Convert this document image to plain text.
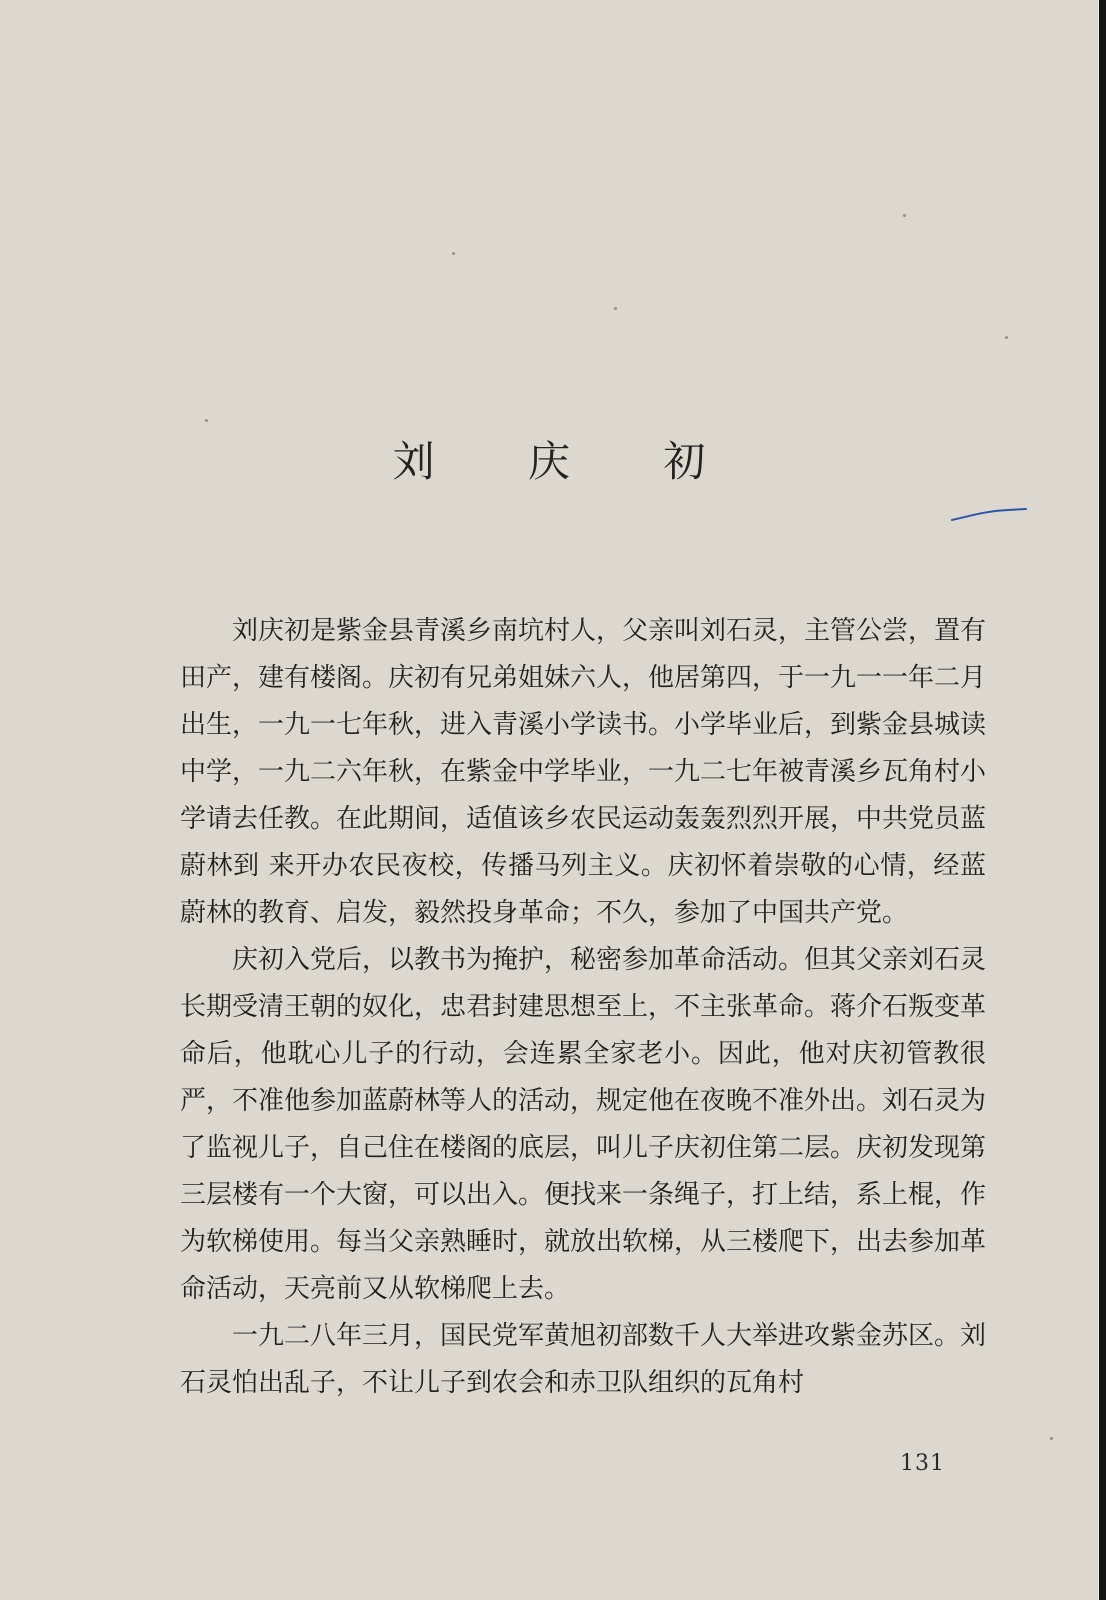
刘 庆 初

刘庆初是紫金县青溪乡南坑村人，父亲叫刘石灵，主管公尝，置有田产，建有楼阁。庆初有兄弟姐妹六人，他居第四，于一九一一年二月出生，一九一七年秋，进入青溪小学读书。小学毕业后，到紫金县城读 中学，一九二六年秋，在紫金中学毕业，一九二七年被青溪乡瓦角村小学请去任教。在此期间，适值该乡农民运动轰轰烈烈开展，中共党员蓝蔚林到 来开办农民夜校，传播马列主义。庆初怀着崇敬的心情，经蓝蔚林的教育、启发，毅然投身革命；不久，参加了中国共产党。

庆初入党后，以教书为掩护，秘密参加革命活动。但其父亲刘石灵长期受清王朝的奴化，忠君封建思想至上，不主张革命。蒋介石叛变革命后，他耽心儿子的行动，会连累全家老小。因此，他对庆初管教很严，不准他参加蓝蔚林等人的活动，规定他在夜晚不准外出。刘石灵为了监视儿子，自己住在楼阁的底层，叫儿子庆初住第二层。庆初发现第三层楼有一个大窗，可以出入。便找来一条绳子，打上结，系上棍，作为软梯使用。每当父亲熟睡时，就放出软梯，从三楼爬下，出去参加革命活动，天亮前又从软梯爬上去。

一九二八年三月，国民党军黄旭初部数千人大举进攻紫金苏区。刘石灵怕出乱子，不让儿子到农会和赤卫队组织的瓦角村

131
